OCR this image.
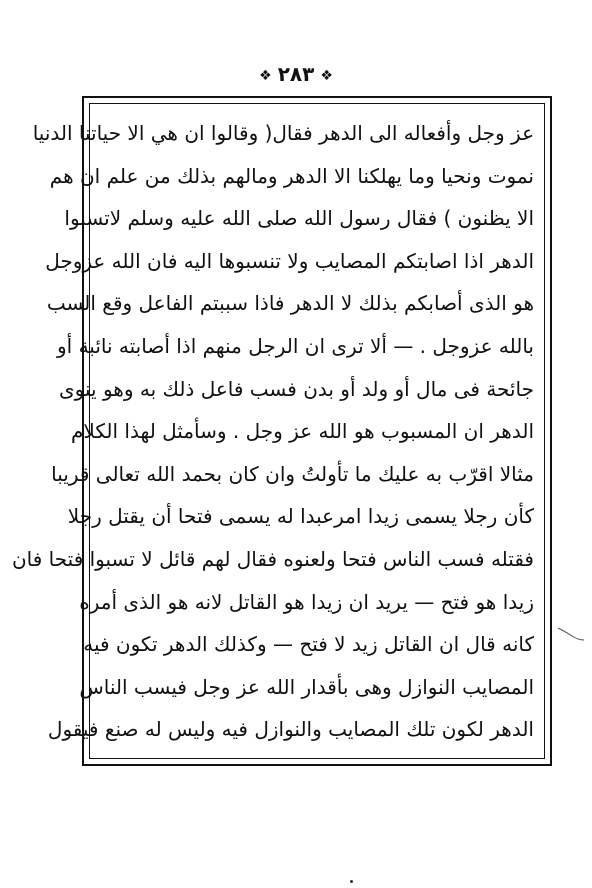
❖ ٢٨٣ ❖
عز وجل وأفعاله الى الدهر فقال( وقالوا ان هي الا حياتنا الدنيا
نموت ونحيا وما يهلكنا الا الدهر ومالهم بذلك من علم ان هم
الا يظنون ) فقال رسول الله صلى الله عليه وسلم لاتسبوا
الدهر اذا اصابتكم المصايب ولا تنسبوها اليه فان الله عزوجل
هو الذى أصابكم بذلك لا الدهر فاذا سببتم الفاعل وقع السب
بالله عزوجل . — ألا ترى ان الرجل منهم اذا أصابته نائبة أو
جائحة فى مال أو ولد أو بدن فسب فاعل ذلك به وهو ينوى
الدهر ان المسبوب هو الله عز وجل . وسأمثل لهذا الكلام
مثالا اقرّب به عليك ما تأولتُ وان كان بحمد الله تعالى قريبا
كأن رجلا يسمى زيدا امرعبدا له يسمى فتحا أن يقتل رجلا
فقتله فسب الناس فتحا ولعنوه فقال لهم قائل لا تسبوا فتحا فان
زيدا هو فتح — يريد ان زيدا هو القاتل لانه هو الذى أمره
كانه قال ان القاتل زيد لا فتح — وكذلك الدهر تكون فيه
المصايب النوازل وهى بأقدار الله عز وجل فيسب الناس
الدهر لكون تلك المصايب والنوازل فيه وليس له صنع فيقول
